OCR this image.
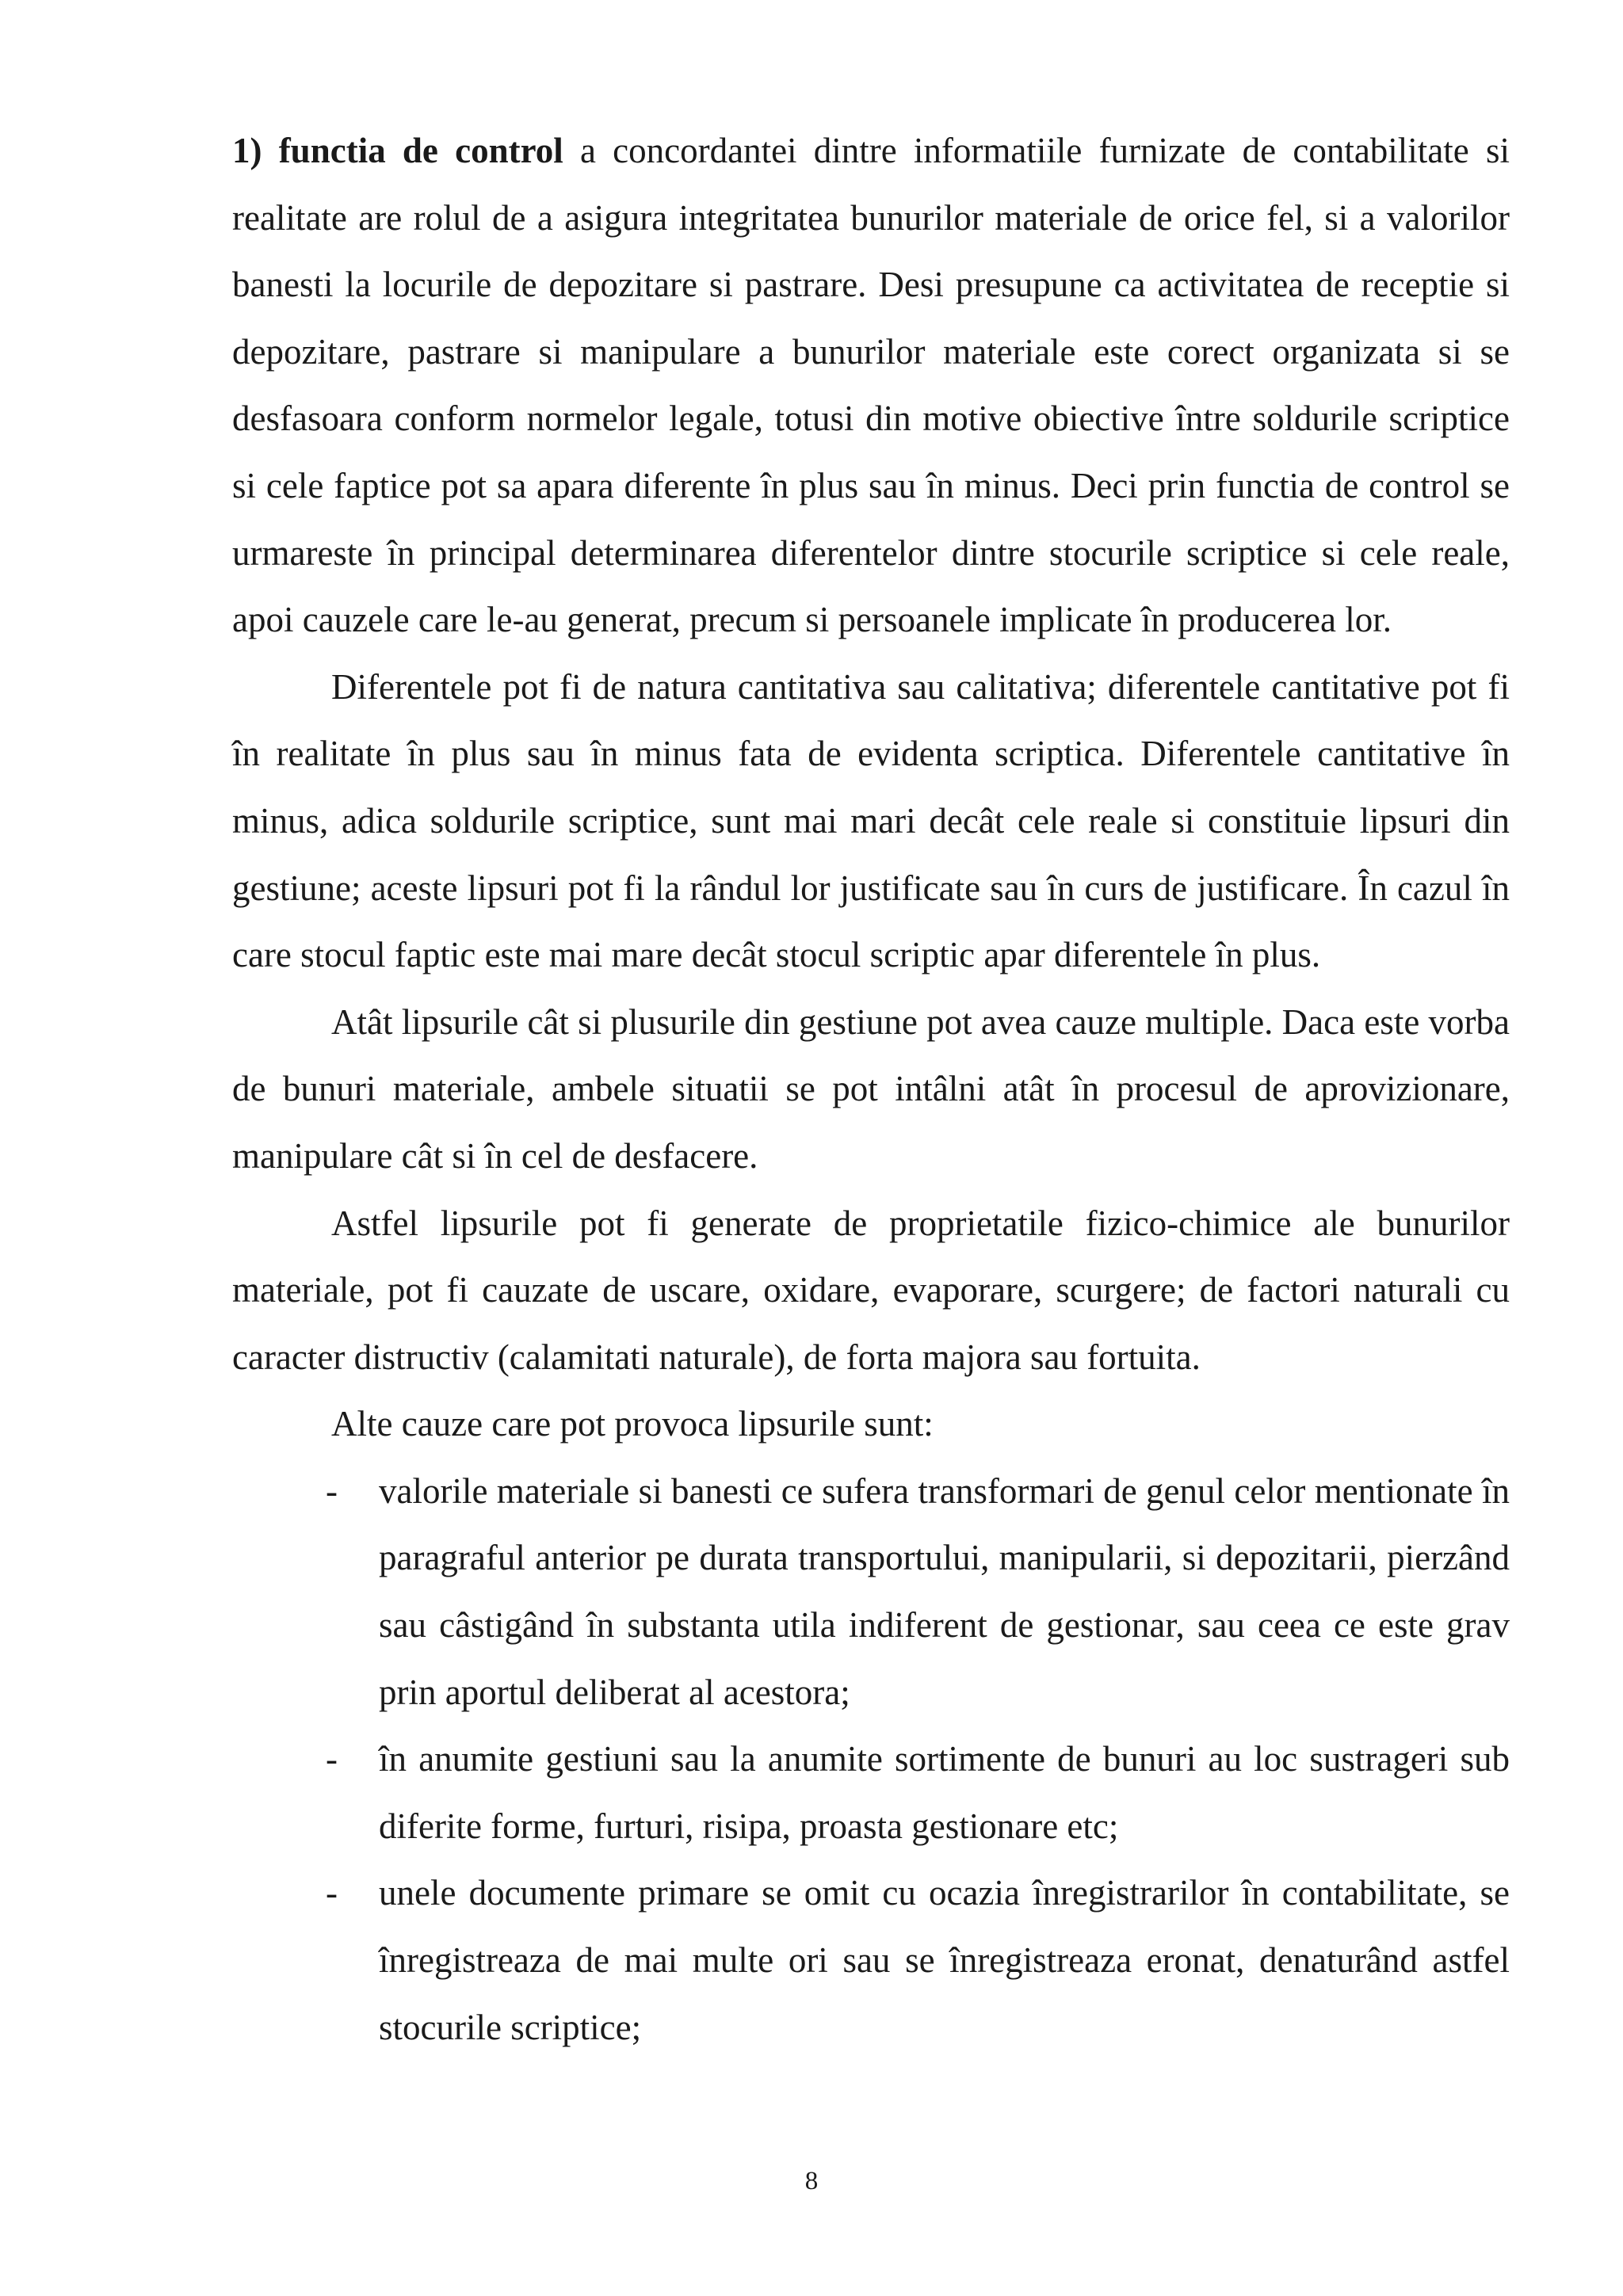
1) functia de control a concordantei dintre informatiile furnizate de contabilitate si realitate are rolul de a asigura integritatea bunurilor materiale de orice fel, si a valorilor banesti la locurile de depozitare si pastrare. Desi presupune ca activitatea de receptie si depozitare, pastrare si manipulare a bunurilor materiale este corect organizata si se desfasoara conform normelor legale, totusi din motive obiective între soldurile scriptice si cele faptice pot sa apara diferente în plus sau în minus. Deci prin functia de control se urmareste în principal determinarea diferentelor dintre stocurile scriptice si cele reale, apoi cauzele care le-au generat, precum si persoanele implicate în producerea lor.

Diferentele pot fi de natura cantitativa sau calitativa; diferentele cantitative pot fi în realitate în plus sau în minus fata de evidenta scriptica. Diferentele cantitative în minus, adica soldurile scriptice, sunt mai mari decât cele reale si constituie lipsuri din gestiune; aceste lipsuri pot fi la rândul lor justificate sau în curs de justificare. În cazul în care stocul faptic este mai mare decât stocul scriptic apar diferentele în plus.

Atât lipsurile cât si plusurile din gestiune pot avea cauze multiple. Daca este vorba de bunuri materiale, ambele situatii se pot intâlni atât în procesul de aprovizionare, manipulare cât si în cel de desfacere.

Astfel lipsurile pot fi generate de proprietatile fizico-chimice ale bunurilor materiale, pot fi cauzate de uscare, oxidare, evaporare, scurgere; de factori naturali cu caracter distructiv (calamitati naturale), de forta majora sau fortuita.

Alte cauze care pot provoca lipsurile sunt:

- valorile materiale si banesti ce sufera transformari de genul celor mentionate în paragraful anterior pe durata transportului, manipularii, si depozitarii, pierzând sau câstigând în substanta utila indiferent de gestionar, sau ceea ce este grav prin aportul deliberat al acestora;
- în anumite gestiuni sau la anumite sortimente de bunuri au loc sustrageri sub diferite forme, furturi, risipa, proasta gestionare etc;
- unele documente primare se omit cu ocazia înregistrarilor în contabilitate, se înregistreaza de mai multe ori sau se înregistreaza eronat, denaturând astfel stocurile scriptice;
8
